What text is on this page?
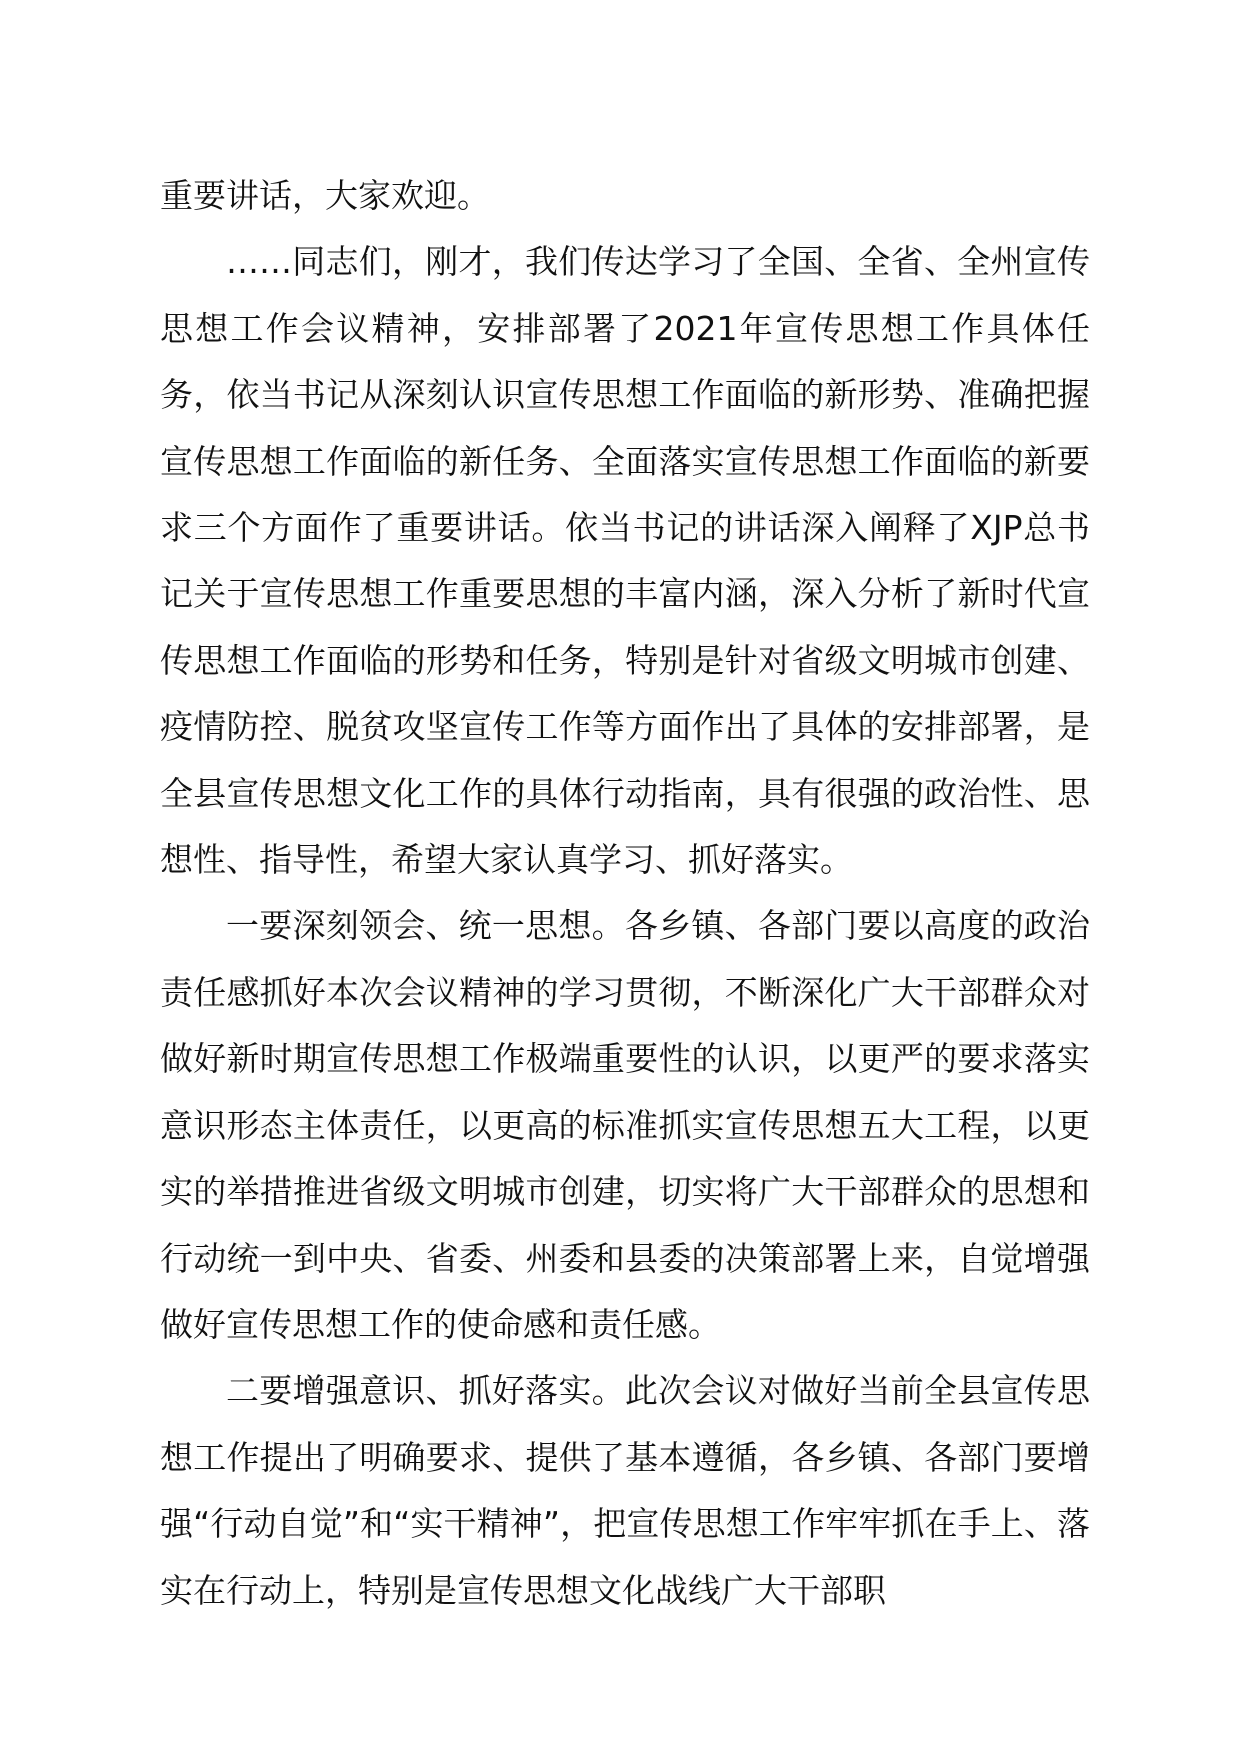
重要讲话，大家欢迎。

……同志们，刚才，我们传达学习了全国、全省、全州宣传思想工作会议精神，安排部署了2021年宣传思想工作具体任务，依当书记从深刻认识宣传思想工作面临的新形势、准确把握宣传思想工作面临的新任务、全面落实宣传思想工作面临的新要求三个方面作了重要讲话。依当书记的讲话深入阐释了XJP总书记关于宣传思想工作重要思想的丰富内涵，深入分析了新时代宣传思想工作面临的形势和任务，特别是针对省级文明城市创建、疫情防控、脱贫攻坚宣传工作等方面作出了具体的安排部署，是全县宣传思想文化工作的具体行动指南，具有很强的政治性、思想性、指导性，希望大家认真学习、抓好落实。

一要深刻领会、统一思想。各乡镇、各部门要以高度的政治责任感抓好本次会议精神的学习贯彻，不断深化广大干部群众对做好新时期宣传思想工作极端重要性的认识，以更严的要求落实意识形态主体责任，以更高的标准抓实宣传思想五大工程，以更实的举措推进省级文明城市创建，切实将广大干部群众的思想和行动统一到中央、省委、州委和县委的决策部署上来，自觉增强做好宣传思想工作的使命感和责任感。

二要增强意识、抓好落实。此次会议对做好当前全县宣传思想工作提出了明确要求、提供了基本遵循，各乡镇、各部门要增强“行动自觉”和“实干精神”，把宣传思想工作牢牢抓在手上、落实在行动上，特别是宣传思想文化战线广大干部职
